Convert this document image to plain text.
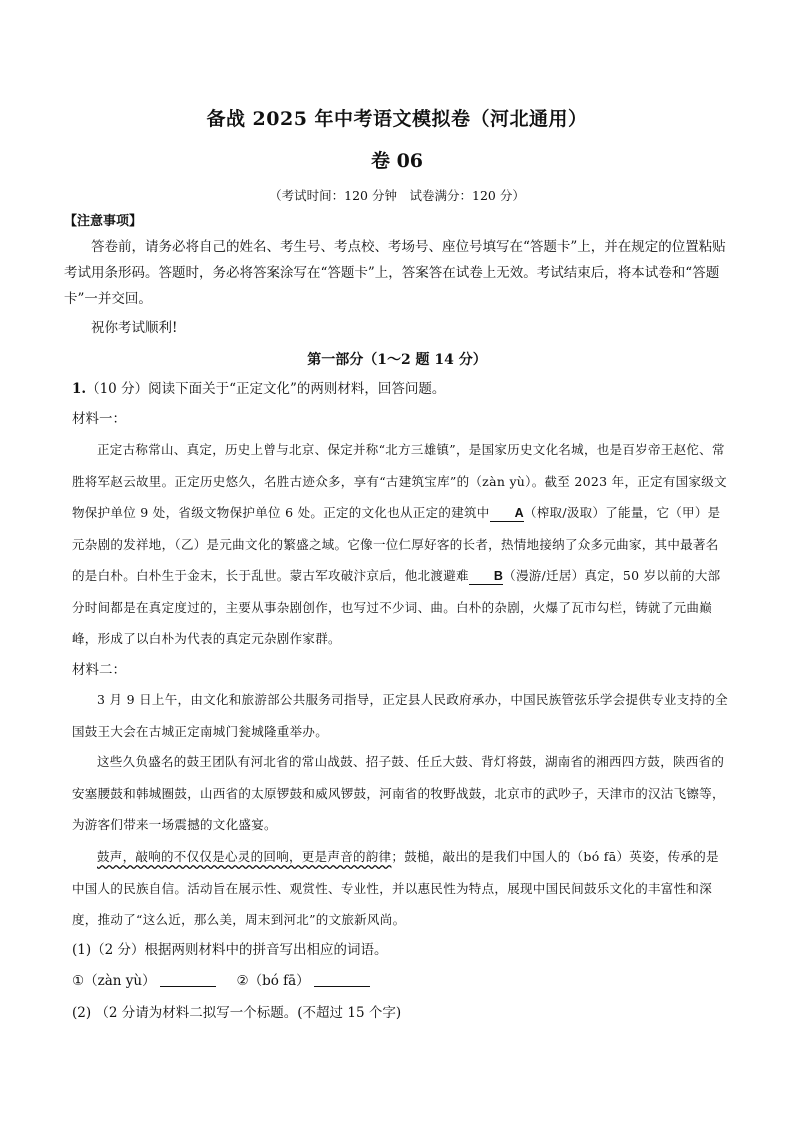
备战 2025 年中考语文模拟卷（河北通用）
卷 06
（考试时间：120 分钟　试卷满分：120 分）
【注意事项】
答卷前，请务必将自己的姓名、考生号、考点校、考场号、座位号填写在“答题卡”上，并在规定的位置粘贴考试用条形码。答题时，务必将答案涂写在“答题卡”上，答案答在试卷上无效。考试结束后，将本试卷和“答题卡”一并交回。
祝你考试顺利!
第一部分（1～2 题 14 分）
1.（10 分）阅读下面关于“正定文化”的两则材料，回答问题。
材料一：
正定古称常山、真定，历史上曾与北京、保定并称“北方三雄镇”，是国家历史文化名城，也是百岁帝王赵佗、常胜将军赵云故里。正定历史悠久，名胜古迹众多，享有“古建筑宝库”的（zàn yù）。截至 2023 年，正定有国家级文物保护单位 9 处，省级文物保护单位 6 处。正定的文化也从正定的建筑中 A（榨取/汲取）了能量，它（甲）是元杂剧的发祥地，（乙）是元曲文化的繁盛之域。它像一位仁厚好客的长者，热情地接纳了众多元曲家，其中最著名的是白朴。白朴生于金末，长于乱世。蒙古军攻破汴京后，他北渡避难 B（漫游/迁居）真定，50 岁以前的大部分时间都是在真定度过的，主要从事杂剧创作，也写过不少词、曲。白朴的杂剧，火爆了瓦市勾栏，铸就了元曲巅峰，形成了以白朴为代表的真定元杂剧作家群。
材料二：
3 月 9 日上午，由文化和旅游部公共服务司指导，正定县人民政府承办，中国民族管弦乐学会提供专业支持的全国鼓王大会在古城正定南城门瓮城隆重举办。
这些久负盛名的鼓王团队有河北省的常山战鼓、招子鼓、任丘大鼓、背灯将鼓，湖南省的湘西四方鼓，陕西省的安塞腰鼓和韩城圈鼓，山西省的太原锣鼓和威风锣鼓，河南省的牧野战鼓，北京市的武吵子，天津市的汉沽飞镲等，为游客们带来一场震撼的文化盛宴。
鼓声，敲响的不仅仅是心灵的回响，更是声音的韵律；鼓槌，敲出的是我们中国人的（bó fā）英姿，传承的是中国人的民族自信。活动旨在展示性、观赏性、专业性，并以惠民性为特点，展现中国民间鼓乐文化的丰富性和深度，推动了“这么近，那么美，周末到河北”的文旅新风尚。
(1)（2 分）根据两则材料中的拼音写出相应的词语。
①（zàn yù）	②（bó fā）
(2) （2 分请为材料二拟写一个标题。(不超过 15 个字)
